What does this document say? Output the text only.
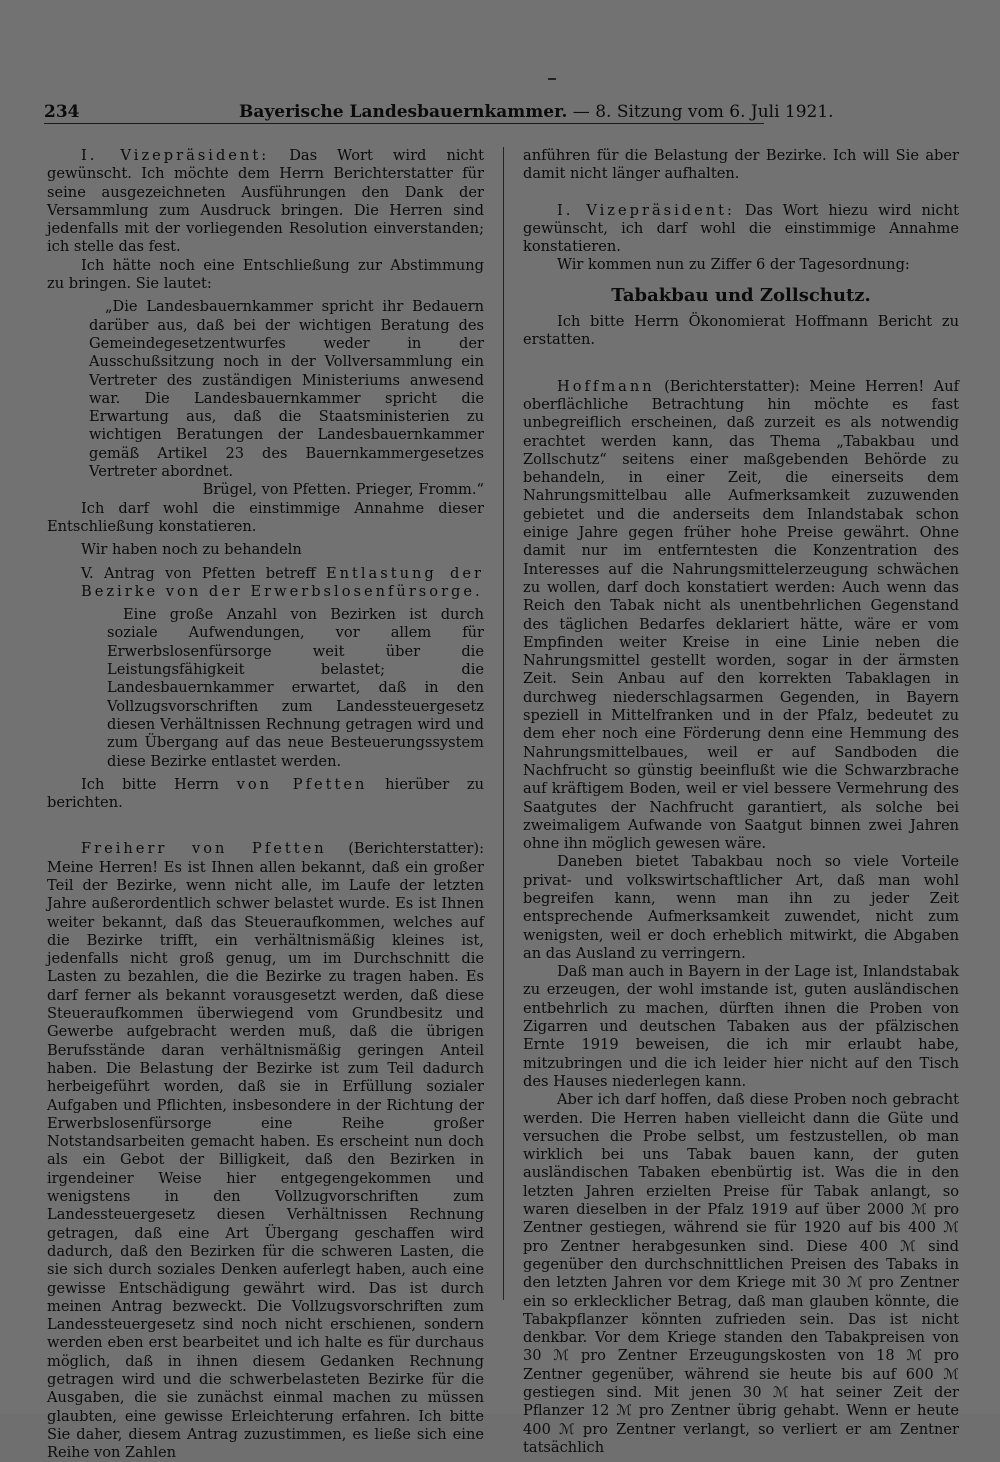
234	Bayerische Landesbauernkammer. — 8. Sitzung vom 6. Juli 1921.

I. Vizepräsident: Das Wort wird nicht gewünscht. Ich möchte dem Herrn Berichterstatter für seine ausgezeichneten Ausführungen den Dank der Versammlung zum Ausdruck bringen. Die Herren sind jedenfalls mit der vorliegenden Resolution einverstanden; ich stelle das fest.

Ich hätte noch eine Entschließung zur Abstimmung zu bringen. Sie lautet:

„Die Landesbauernkammer spricht ihr Bedauern darüber aus, daß bei der wichtigen Beratung des Gemeindegesetzentwurfes weder in der Ausschußsitzung noch in der Vollversammlung ein Vertreter des zuständigen Ministeriums anwesend war. Die Landesbauernkammer spricht die Erwartung aus, daß die Staatsministerien zu wichtigen Beratungen der Landesbauernkammer gemäß Artikel 23 des Bauernkammergesetzes Vertreter abordnet.

Brügel, von Pfetten. Prieger, Fromm.“

Ich darf wohl die einstimmige Annahme dieser Entschließung konstatieren.

Wir haben noch zu behandeln

V. Antrag von Pfetten betreff Entlastung der Bezirke von der Erwerbslosenfürsorge.

Eine große Anzahl von Bezirken ist durch soziale Aufwendungen, vor allem für Erwerbslosenfürsorge weit über die Leistungsfähigkeit belastet; die Landesbauernkammer erwartet, daß in den Vollzugsvorschriften zum Landessteuergesetz diesen Verhältnissen Rechnung getragen wird und zum Übergang auf das neue Besteuerungssystem diese Bezirke entlastet werden.

Ich bitte Herrn von Pfetten hierüber zu berichten.

Freiherr von Pfetten (Berichterstatter): Meine Herren! Es ist Ihnen allen bekannt, daß ein großer Teil der Bezirke, wenn nicht alle, im Laufe der letzten Jahre außerordentlich schwer belastet wurde. Es ist Ihnen weiter bekannt, daß das Steueraufkommen, welches auf die Bezirke trifft, ein verhältnismäßig kleines ist, jedenfalls nicht groß genug, um im Durchschnitt die Lasten zu bezahlen, die die Bezirke zu tragen haben. Es darf ferner als bekannt vorausgesetzt werden, daß diese Steueraufkommen überwiegend vom Grundbesitz und Gewerbe aufgebracht werden muß, daß die übrigen Berufsstände daran verhältnismäßig geringen Anteil haben. Die Belastung der Bezirke ist zum Teil dadurch herbeigeführt worden, daß sie in Erfüllung sozialer Aufgaben und Pflichten, insbesondere in der Richtung der Erwerbslosenfürsorge eine Reihe großer Notstandsarbeiten gemacht haben. Es erscheint nun doch als ein Gebot der Billigkeit, daß den Bezirken in irgendeiner Weise hier entgegengekommen und wenigstens in den Vollzugvorschriften zum Landessteuergesetz diesen Verhältnissen Rechnung getragen, daß eine Art Übergang geschaffen wird dadurch, daß den Bezirken für die schweren Lasten, die sie sich durch soziales Denken auferlegt haben, auch eine gewisse Entschädigung gewährt wird. Das ist durch meinen Antrag bezweckt. Die Vollzugsvorschriften zum Landessteuergesetz sind noch nicht erschienen, sondern werden eben erst bearbeitet und ich halte es für durchaus möglich, daß in ihnen diesem Gedanken Rechnung getragen wird und die schwerbelasteten Bezirke für die Ausgaben, die sie zunächst einmal machen zu müssen glaubten, eine gewisse Erleichterung erfahren. Ich bitte Sie daher, diesem Antrag zuzustimmen, es ließe sich eine Reihe von Zahlen

anführen für die Belastung der Bezirke. Ich will Sie aber damit nicht länger aufhalten.

I. Vizepräsident: Das Wort hiezu wird nicht gewünscht, ich darf wohl die einstimmige Annahme konstatieren.

Wir kommen nun zu Ziffer 6 der Tagesordnung:

Tabakbau und Zollschutz.

Ich bitte Herrn Ökonomierat Hoffmann Bericht zu erstatten.

Hoffmann (Berichterstatter): Meine Herren! Auf oberflächliche Betrachtung hin möchte es fast unbegreiflich erscheinen, daß zurzeit es als notwendig erachtet werden kann, das Thema „Tabakbau und Zollschutz“ seitens einer maßgebenden Behörde zu behandeln, in einer Zeit, die einerseits dem Nahrungsmittelbau alle Aufmerksamkeit zuzuwenden gebietet und die anderseits dem Inlandstabak schon einige Jahre gegen früher hohe Preise gewährt. Ohne damit nur im entferntesten die Konzentration des Interesses auf die Nahrungsmittelerzeugung schwächen zu wollen, darf doch konstatiert werden: Auch wenn das Reich den Tabak nicht als unentbehrlichen Gegenstand des täglichen Bedarfes deklariert hätte, wäre er vom Empfinden weiter Kreise in eine Linie neben die Nahrungsmittel gestellt worden, sogar in der ärmsten Zeit. Sein Anbau auf den korrekten Tabaklagen in durchweg niederschlagsarmen Gegenden, in Bayern speziell in Mittelfranken und in der Pfalz, bedeutet zu dem eher noch eine Förderung denn eine Hemmung des Nahrungsmittelbaues, weil er auf Sandboden die Nachfrucht so günstig beeinflußt wie die Schwarzbrache auf kräftigem Boden, weil er viel bessere Vermehrung des Saatgutes der Nachfrucht garantiert, als solche bei zweimaligem Aufwande von Saatgut binnen zwei Jahren ohne ihn möglich gewesen wäre.

Daneben bietet Tabakbau noch so viele Vorteile privat- und volkswirtschaftlicher Art, daß man wohl begreifen kann, wenn man ihn zu jeder Zeit entsprechende Aufmerksamkeit zuwendet, nicht zum wenigsten, weil er doch erheblich mitwirkt, die Abgaben an das Ausland zu verringern.

Daß man auch in Bayern in der Lage ist, Inlandstabak zu erzeugen, der wohl imstande ist, guten ausländischen entbehrlich zu machen, dürften ihnen die Proben von Zigarren und deutschen Tabaken aus der pfälzischen Ernte 1919 beweisen, die ich mir erlaubt habe, mitzubringen und die ich leider hier nicht auf den Tisch des Hauses niederlegen kann.

Aber ich darf hoffen, daß diese Proben noch gebracht werden. Die Herren haben vielleicht dann die Güte und versuchen die Probe selbst, um festzustellen, ob man wirklich bei uns Tabak bauen kann, der guten ausländischen Tabaken ebenbürtig ist. Was die in den letzten Jahren erzielten Preise für Tabak anlangt, so waren dieselben in der Pfalz 1919 auf über 2000 ℳ pro Zentner gestiegen, während sie für 1920 auf bis 400 ℳ pro Zentner herabgesunken sind. Diese 400 ℳ sind gegenüber den durchschnittlichen Preisen des Tabaks in den letzten Jahren vor dem Kriege mit 30 ℳ pro Zentner ein so erklecklicher Betrag, daß man glauben könnte, die Tabakpflanzer könnten zufrieden sein. Das ist nicht denkbar. Vor dem Kriege standen den Tabakpreisen von 30 ℳ pro Zentner Erzeugungskosten von 18 ℳ pro Zentner gegenüber, während sie heute bis auf 600 ℳ gestiegen sind. Mit jenen 30 ℳ hat seiner Zeit der Pflanzer 12 ℳ pro Zentner übrig gehabt. Wenn er heute 400 ℳ pro Zentner verlangt, so verliert er am Zentner tatsächlich
